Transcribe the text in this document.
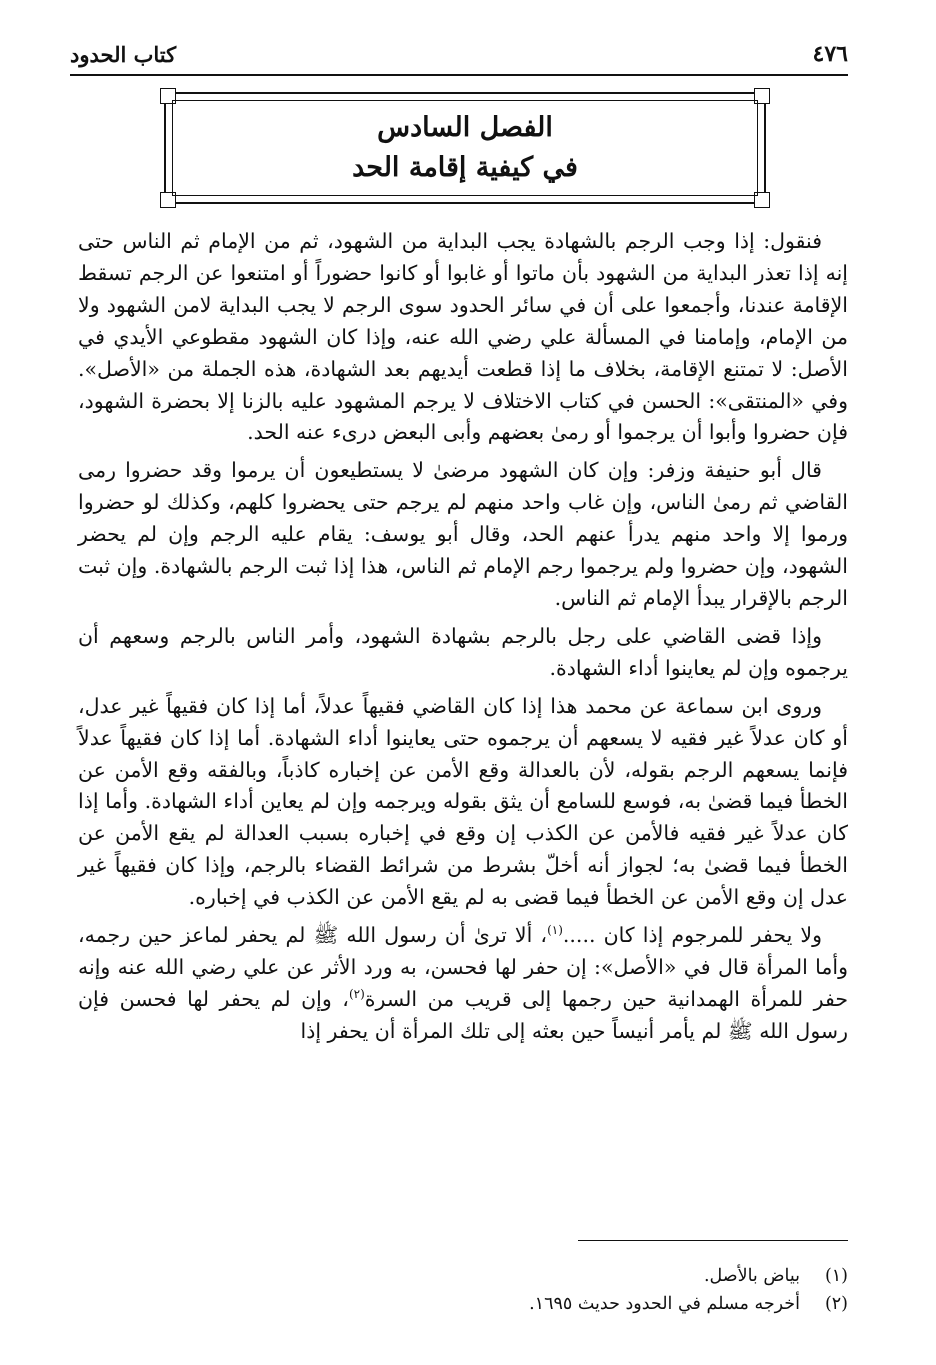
٤٧٦
كتاب الحدود
الفصل السادس
في كيفية إقامة الحد

فنقول: إذا وجب الرجم بالشهادة يجب البداية من الشهود، ثم من الإمام ثم الناس حتى إنه إذا تعذر البداية من الشهود بأن ماتوا أو غابوا أو كانوا حضوراً أو امتنعوا عن الرجم تسقط الإقامة عندنا، وأجمعوا على أن في سائر الحدود سوى الرجم لا يجب البداية لامن الشهود ولا من الإمام، وإمامنا في المسألة علي رضي الله عنه، وإذا كان الشهود مقطوعي الأيدي في الأصل: لا تمتنع الإقامة، بخلاف ما إذا قطعت أيديهم بعد الشهادة، هذه الجملة من «الأصل». وفي «المنتقى»: الحسن في كتاب الاختلاف لا يرجم المشهود عليه بالزنا إلا بحضرة الشهود، فإن حضروا وأبوا أن يرجموا أو رمىٰ بعضهم وأبى البعض درىء عنه الحد.

قال أبو حنيفة وزفر: وإن كان الشهود مرضىٰ لا يستطيعون أن يرموا وقد حضروا رمى القاضي ثم رمىٰ الناس، وإن غاب واحد منهم لم يرجم حتى يحضروا كلهم، وكذلك لو حضروا ورموا إلا واحد منهم يدرأ عنهم الحد، وقال أبو يوسف: يقام عليه الرجم وإن لم يحضر الشهود، وإن حضروا ولم يرجموا رجم الإمام ثم الناس، هذا إذا ثبت الرجم بالشهادة. وإن ثبت الرجم بالإقرار يبدأ الإمام ثم الناس.

وإذا قضى القاضي على رجل بالرجم بشهادة الشهود، وأمر الناس بالرجم وسعهم أن يرجموه وإن لم يعاينوا أداء الشهادة.

وروى ابن سماعة عن محمد هذا إذا كان القاضي فقيهاً عدلاً، أما إذا كان فقيهاً غير عدل، أو كان عدلاً غير فقيه لا يسعهم أن يرجموه حتى يعاينوا أداء الشهادة. أما إذا كان فقيهاً عدلاً فإنما يسعهم الرجم بقوله، لأن بالعدالة وقع الأمن عن إخباره كاذباً، وبالفقه وقع الأمن عن الخطأ فيما قضىٰ به، فوسع للسامع أن يثق بقوله ويرجمه وإن لم يعاين أداء الشهادة. وأما إذا كان عدلاً غير فقيه فالأمن عن الكذب إن وقع في إخباره بسبب العدالة لم يقع الأمن عن الخطأ فيما قضىٰ به؛ لجواز أنه أخلّ بشرط من شرائط القضاء بالرجم، وإذا كان فقيهاً غير عدل إن وقع الأمن عن الخطأ فيما قضى به لم يقع الأمن عن الكذب في إخباره.

ولا يحفر للمرجوم إذا كان .....$^{(١)}$، ألا ترىٰ أن رسول الله ﷺ لم يحفر لماعز حين رجمه، وأما المرأة قال في «الأصل»: إن حفر لها فحسن، به ورد الأثر عن علي رضي الله عنه وإنه حفر للمرأة الهمدانية حين رجمها إلى قريب من السرة$^{(٢)}$، وإن لم يحفر لها فحسن فإن رسول الله ﷺ لم يأمر أنيساً حين بعثه إلى تلك المرأة أن يحفر إذا

(١)
بياض بالأصل.
(٢)
أخرجه مسلم في الحدود حديث ١٦٩٥.
